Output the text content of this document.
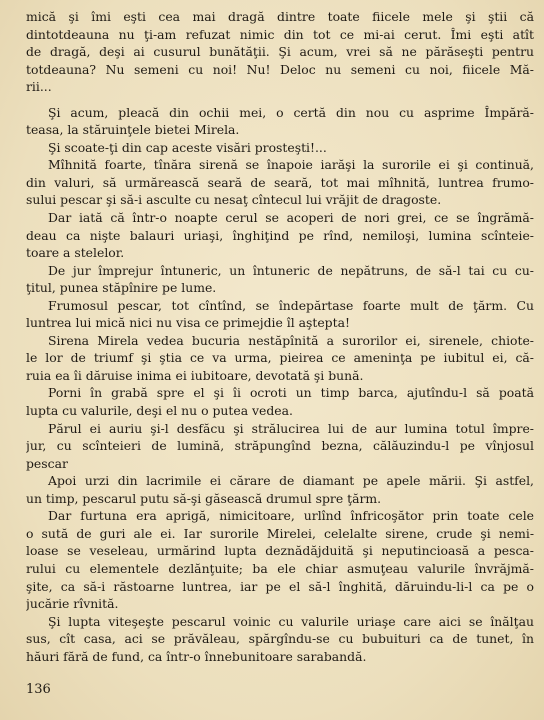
mică şi îmi eşti cea mai dragă dintre toate fiicele mele şi ştii că
dintotdeauna nu ţi-am refuzat nimic din tot ce mi-ai cerut. Îmi eşti atît
de dragă, deşi ai cusurul bunătăţii. Şi acum, vrei să ne părăseşti pentru
totdeauna? Nu semeni cu noi! Nu! Deloc nu semeni cu noi, fiicele Mă-
rii...
Şi acum, pleacă din ochii mei, o certă din nou cu asprime Împără-
teasa, la stăruinţele bietei Mirela.
Şi scoate-ţi din cap aceste visări prosteşti!...
Mîhnită foarte, tînăra sirenă se înapoie iarăşi la surorile ei şi continuă,
din valuri, să urmărească seară de seară, tot mai mîhnită, luntrea frumo-
sului pescar şi să-i asculte cu nesaţ cîntecul lui vrăjit de dragoste.
Dar iată că într-o noapte cerul se acoperi de nori grei, ce se îngrămă-
deau ca nişte balauri uriaşi, înghiţind pe rînd, nemiloşi, lumina scînteie-
toare a stelelor.
De jur împrejur întuneric, un întuneric de nepătruns, de să-l tai cu cu-
ţitul, punea stăpînire pe lume.
Frumosul pescar, tot cîntînd, se îndepărtase foarte mult de ţărm. Cu
luntrea lui mică nici nu visa ce primejdie îl aştepta!
Sirena Mirela vedea bucuria nestăpînită a surorilor ei, sirenele, chiote-
le lor de triumf şi ştia ce va urma, pieirea ce ameninţa pe iubitul ei, că-
ruia ea îi dăruise inima ei iubitoare, devotată şi bună.
Porni în grabă spre el şi îi ocroti un timp barca, ajutîndu-l să poată
lupta cu valurile, deşi el nu o putea vedea.
Părul ei auriu şi-l desfăcu şi strălucirea lui de aur lumina totul împre-
jur, cu scînteieri de lumină, străpungînd bezna, călăuzindu-l pe vînjosul
pescar
Apoi urzi din lacrimile ei cărare de diamant pe apele mării. Şi astfel,
un timp, pescarul putu să-şi găsească drumul spre ţărm.
Dar furtuna era aprigă, nimicitoare, urlînd înfricoşător prin toate cele
o sută de guri ale ei. Iar surorile Mirelei, celelalte sirene, crude şi nemi-
loase se veseleau, urmărind lupta deznădăjduită şi neputincioasă a pesca-
rului cu elementele dezlănţuite; ba ele chiar asmuţeau valurile învrăjmă-
şite, ca să-i răstoarne luntrea, iar pe el să-l înghită, dăruindu-li-l ca pe o
jucărie rîvnită.
Şi lupta viteşeşte pescarul voinic cu valurile uriaşe care aici se înălţau
sus, cît casa, aci se prăvăleau, spărgîndu-se cu bubuituri ca de tunet, în
hăuri fără de fund, ca într-o înnebunitoare sarabandă.
136
